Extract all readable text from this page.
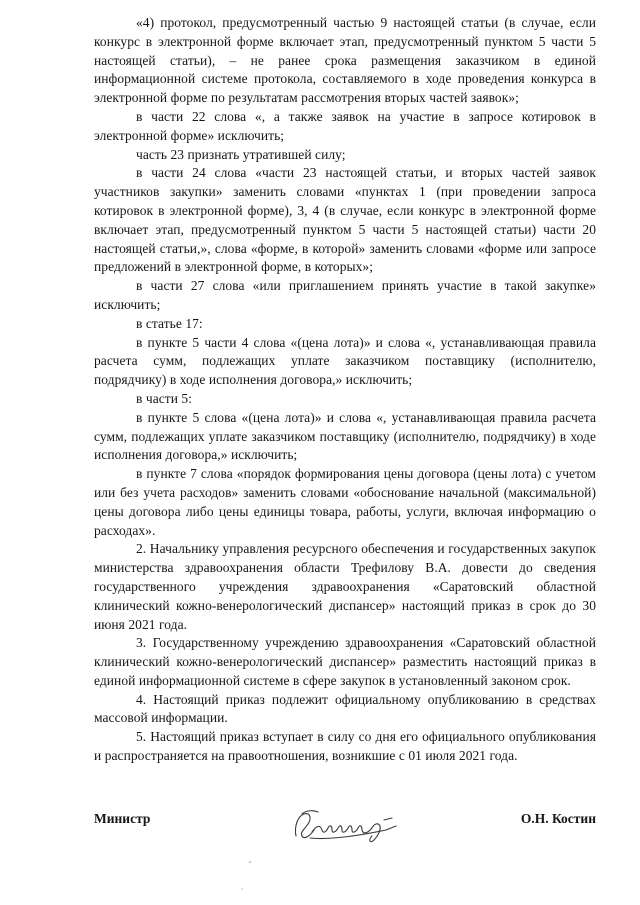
«4) протокол, предусмотренный частью 9 настоящей статьи (в случае, если конкурс в электронной форме включает этап, предусмотренный пунктом 5 части 5 настоящей статьи), – не ранее срока размещения заказчиком в единой информационной системе протокола, составляемого в ходе проведения конкурса в электронной форме по результатам рассмотрения вторых частей заявок»;

в части 22 слова «, а также заявок на участие в запросе котировок в электронной форме» исключить;

часть 23 признать утратившей силу;

в части 24 слова «части 23 настоящей статьи, и вторых частей заявок участников закупки» заменить словами «пунктах 1 (при проведении запроса котировок в электронной форме), 3, 4 (в случае, если конкурс в электронной форме включает этап, предусмотренный пунктом 5 части 5 настоящей статьи) части 20 настоящей статьи,», слова «форме, в которой» заменить словами «форме или запросе предложений в электронной форме, в которых»;

в части 27 слова «или приглашением принять участие в такой закупке» исключить;

в статье 17:

в пункте 5 части 4 слова «(цена лота)» и слова «, устанавливающая правила расчета сумм, подлежащих уплате заказчиком поставщику (исполнителю, подрядчику) в ходе исполнения договора,» исключить;

в части 5:

в пункте 5 слова «(цена лота)» и слова «, устанавливающая правила расчета сумм, подлежащих уплате заказчиком поставщику (исполнителю, подрядчику) в ходе исполнения договора,» исключить;

в пункте 7 слова «порядок формирования цены договора (цены лота) с учетом или без учета расходов» заменить словами «обоснование начальной (максимальной) цены договора либо цены единицы товара, работы, услуги, включая информацию о расходах».

2. Начальнику управления ресурсного обеспечения и государственных закупок министерства здравоохранения области Трефилову В.А. довести до сведения государственного учреждения здравоохранения «Саратовский областной клинический кожно-венерологический диспансер» настоящий приказ в срок до 30 июня 2021 года.

3. Государственному учреждению здравоохранения «Саратовский областной клинический кожно-венерологический диспансер» разместить настоящий приказ в единой информационной системе в сфере закупок в установленный законом срок.

4. Настоящий приказ подлежит официальному опубликованию в средствах массовой информации.

5. Настоящий приказ вступает в силу со дня его официального опубликования и распространяется на правоотношения, возникшие с 01 июля 2021 года.

Министр	О.Н. Костин
